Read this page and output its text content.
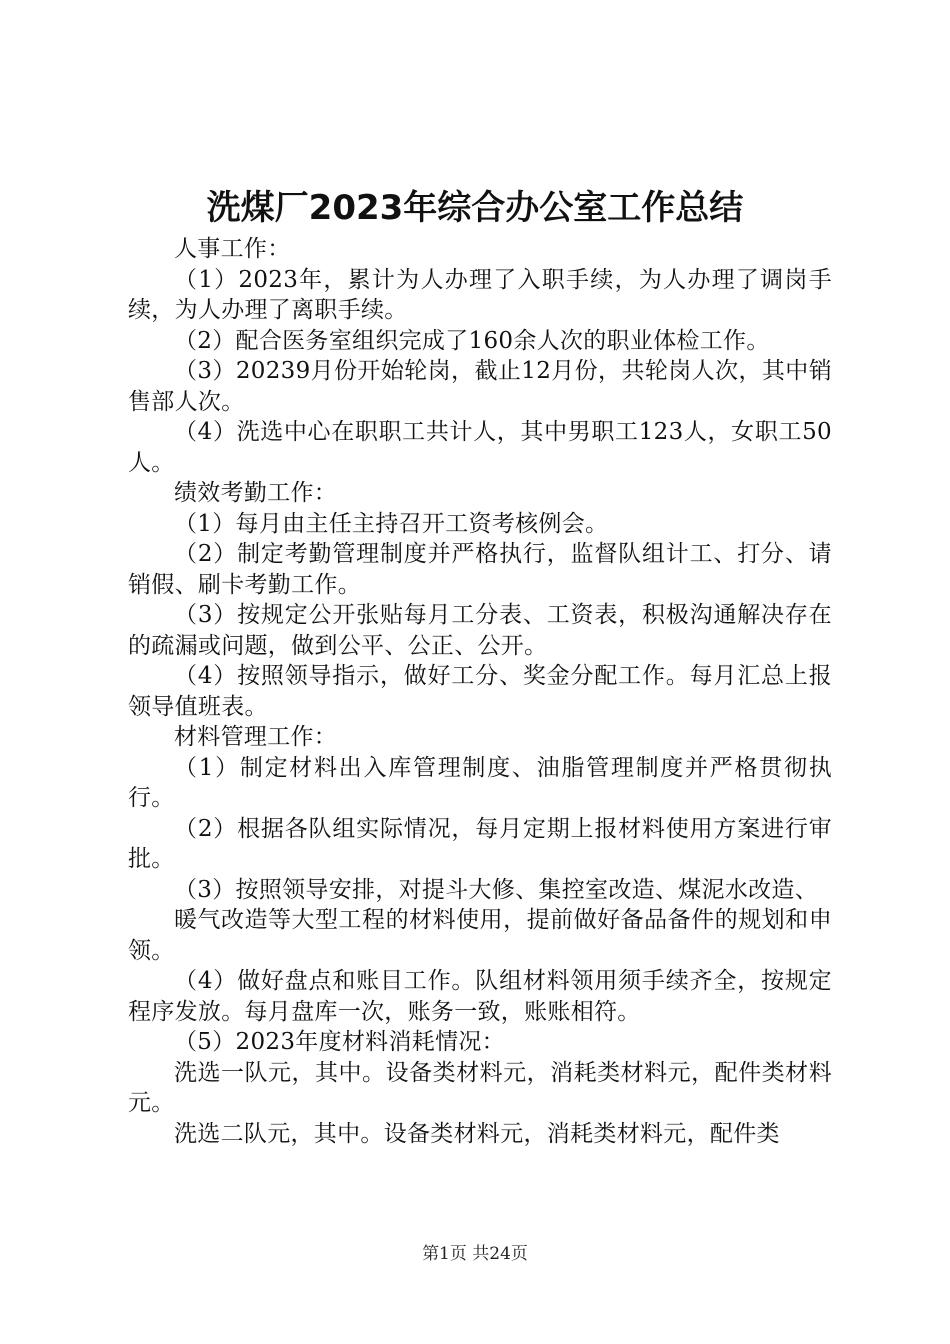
洗煤厂2023年综合办公室工作总结

人事工作：

（1）2023年，累计为人办理了入职手续，为人办理了调岗手续，为人办理了离职手续。

（2）配合医务室组织完成了160余人次的职业体检工作。

（3）20239月份开始轮岗，截止12月份，共轮岗人次，其中销售部人次。

（4）洗选中心在职职工共计人，其中男职工123人，女职工50人。

绩效考勤工作：

（1）每月由主任主持召开工资考核例会。

（2）制定考勤管理制度并严格执行，监督队组计工、打分、请销假、刷卡考勤工作。

（3）按规定公开张贴每月工分表、工资表，积极沟通解决存在的疏漏或问题，做到公平、公正、公开。

（4）按照领导指示，做好工分、奖金分配工作。每月汇总上报领导值班表。

材料管理工作：

（1）制定材料出入库管理制度、油脂管理制度并严格贯彻执行。

（2）根据各队组实际情况，每月定期上报材料使用方案进行审批。

（3）按照领导安排，对提斗大修、集控室改造、煤泥水改造、

暖气改造等大型工程的材料使用，提前做好备品备件的规划和申领。

（4）做好盘点和账目工作。队组材料领用须手续齐全，按规定程序发放。每月盘库一次，账务一致，账账相符。

（5）2023年度材料消耗情况：

洗选一队元，其中。设备类材料元，消耗类材料元，配件类材料元。

洗选二队元，其中。设备类材料元，消耗类材料元，配件类

第1页 共24页
